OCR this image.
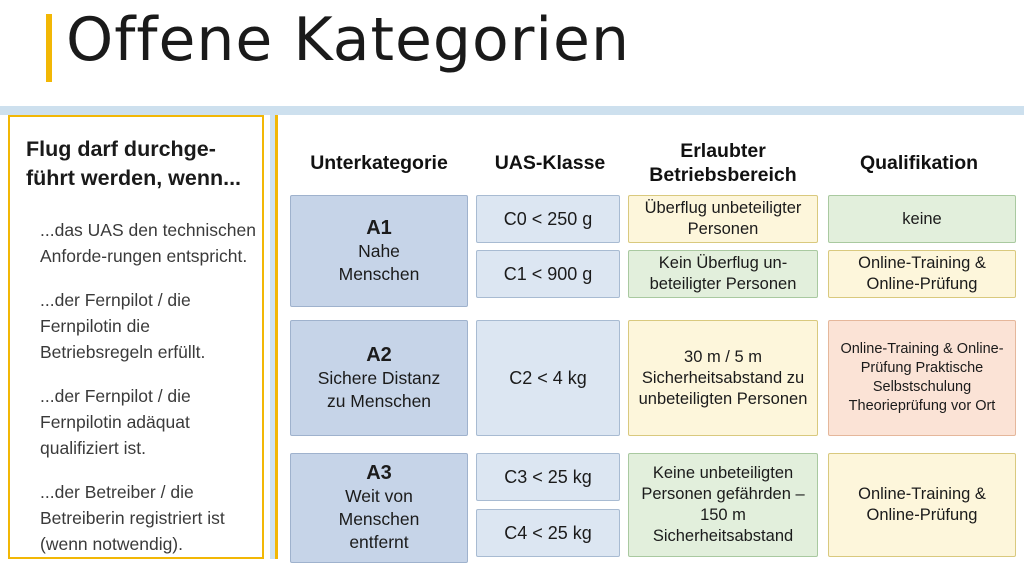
Offene Kategorien
Flug darf durchge-
führt werden, wenn...
...das UAS den technischen Anforde-rungen entspricht.
...der Fernpilot / die Fernpilotin die Betriebsregeln erfüllt.
...der Fernpilot / die Fernpilotin adäquat qualifiziert ist.
...der Betreiber / die Betreiberin registriert ist (wenn notwendig).
Unterkategorie	UAS-Klasse
Erlaubter
Betriebsbereich
Qualifikation
A1
Nahe
Menschen
C0 < 250 g
C1 < 900 g
Überflug unbeteiligter Personen
Kein Überflug un-beteiligter Personen
keine
Online-Training & Online-Prüfung
A2
Sichere Distanz
zu Menschen
C2 < 4 kg
30 m / 5 m Sicherheitsabstand zu unbeteiligten Personen
Online-Training & Online-Prüfung Praktische Selbstschulung Theorieprüfung vor Ort
A3
Weit von
Menschen
entfernt
C3 < 25 kg
C4 < 25 kg
Keine unbeteiligten Personen gefährden – 150 m Sicherheitsabstand
Online-Training & Online-Prüfung
